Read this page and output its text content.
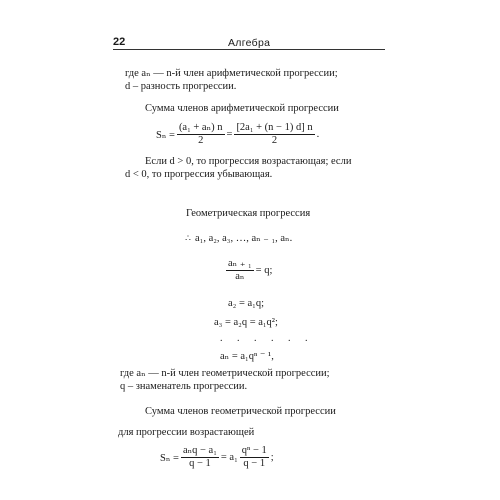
22	Алгебра
где aₙ — n-й член арифметической прогрессии;
d – разность прогрессии.
Сумма членов арифметической прогрессии
$S_n = \frac{\text{(a₁ + aₙ) n}}{2} = \frac{\text{[2a₁ + (n − 1) d] n}}{2}$ .
Если d > 0, то прогрессия возрастающая; если
d < 0, то прогрессия убывающая.
Геометрическая прогрессия
∴ a₁, a₂, a₃, …, aₙ ₋ ₁, aₙ.
$\frac{\text{aₙ ₊ ₁}}{\text{aₙ}} = q$;
a₂ = a₁q;
a₃ = a₂q = a₁q²;
. . . . . .
aₙ = a₁qⁿ ⁻ ¹,
где aₙ — n-й член геометрической прогрессии;
q – знаменатель прогрессии.
Сумма членов геометрической прогрессии
для прогрессии возрастающей
$S_n = \frac{\text{aₙq − a₁}}{q - 1} = a_1 \frac{\text{qⁿ − 1}}{q - 1}$ ;
